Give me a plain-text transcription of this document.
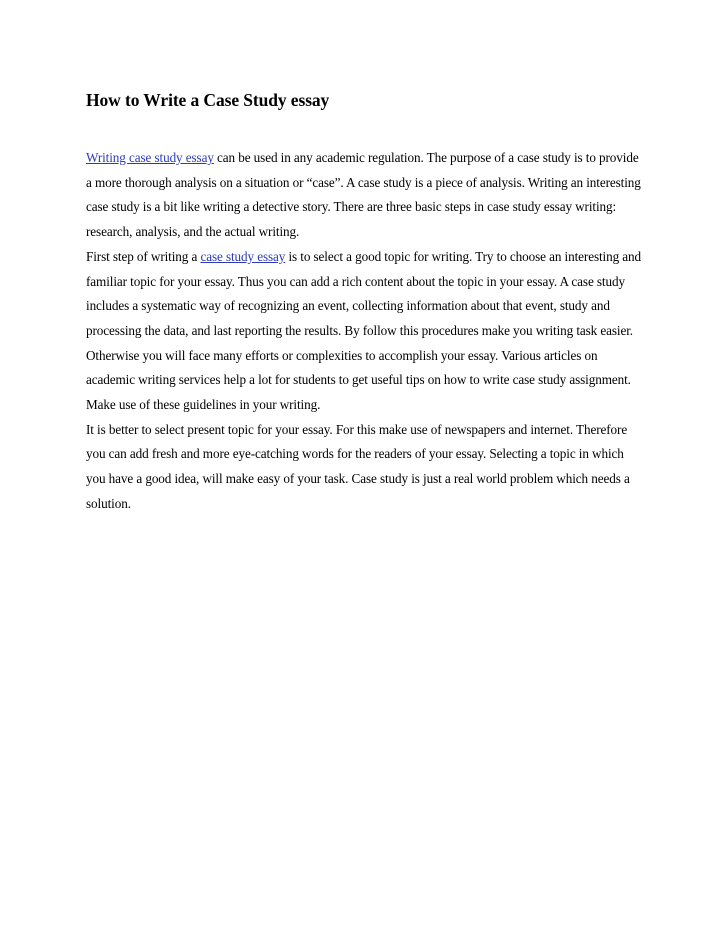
How to Write a Case Study essay

Writing case study essay can be used in any academic regulation. The purpose of a case study is to provide a more thorough analysis on a situation or “case”. A case study is a piece of analysis. Writing an interesting case study is a bit like writing a detective story. There are three basic steps in case study essay writing: research, analysis, and the actual writing.

First step of writing a case study essay is to select a good topic for writing. Try to choose an interesting and familiar topic for your essay. Thus you can add a rich content about the topic in your essay. A case study includes a systematic way of recognizing an event, collecting information about that event, study and processing the data, and last reporting the results. By follow this procedures make you writing task easier. Otherwise you will face many efforts or complexities to accomplish your essay. Various articles on academic writing services help a lot for students to get useful tips on how to write case study assignment. Make use of these guidelines in your writing.

It is better to select present topic for your essay. For this make use of newspapers and internet. Therefore you can add fresh and more eye-catching words for the readers of your essay. Selecting a topic in which you have a good idea, will make easy of your task. Case study is just a real world problem which needs a solution.
